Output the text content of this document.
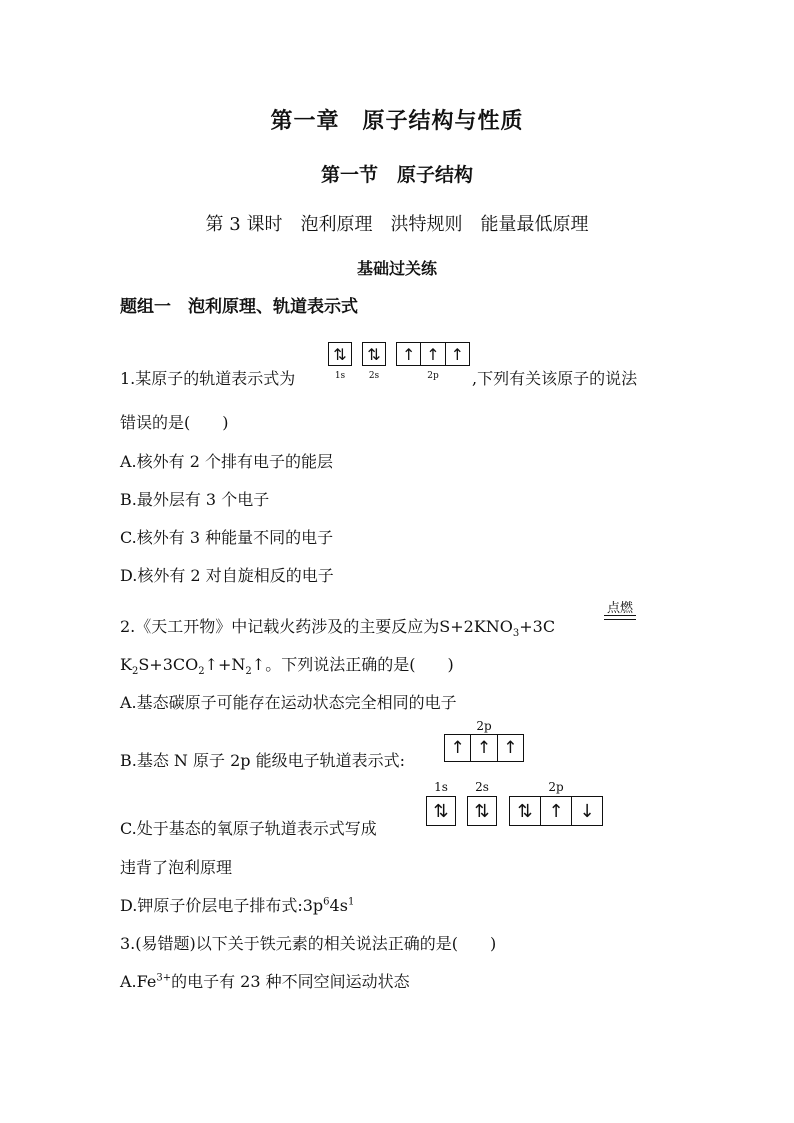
第一章　原子结构与性质
第一节　原子结构
第 3 课时　泡利原理　洪特规则　能量最低原理
基础过关练
题组一　泡利原理、轨道表示式
1.某原子的轨道表示式为	,下列有关该原子的说法
⇅
1s
⇅
2s
↑ ↑ ↑
2p
错误的是(　　)
A.核外有 2 个排有电子的能层
B.最外层有 3 个电子
C.核外有 3 种能量不同的电子
D.核外有 2 对自旋相反的电子
2.《天工开物》中记载火药涉及的主要反应为$S+2KNO_3+3C$
点燃
$K_2S+3CO_2↑+N_2↑$。下列说法正确的是(　　)
A.基态碳原子可能存在运动状态完全相同的电子
B.基态 N 原子 2p 能级电子轨道表示式:
2p
↑ ↑ ↑
C.处于基态的氧原子轨道表示式写成
1s
⇅
2s
⇅
2p
⇅ ↑ ↓
违背了泡利原理
D.钾原子价层电子排布式$:3p^64s^1$
3.(易错题)以下关于铁元素的相关说法正确的是(　　)
$A.Fe^{3+}$的电子有 23 种不同空间运动状态
